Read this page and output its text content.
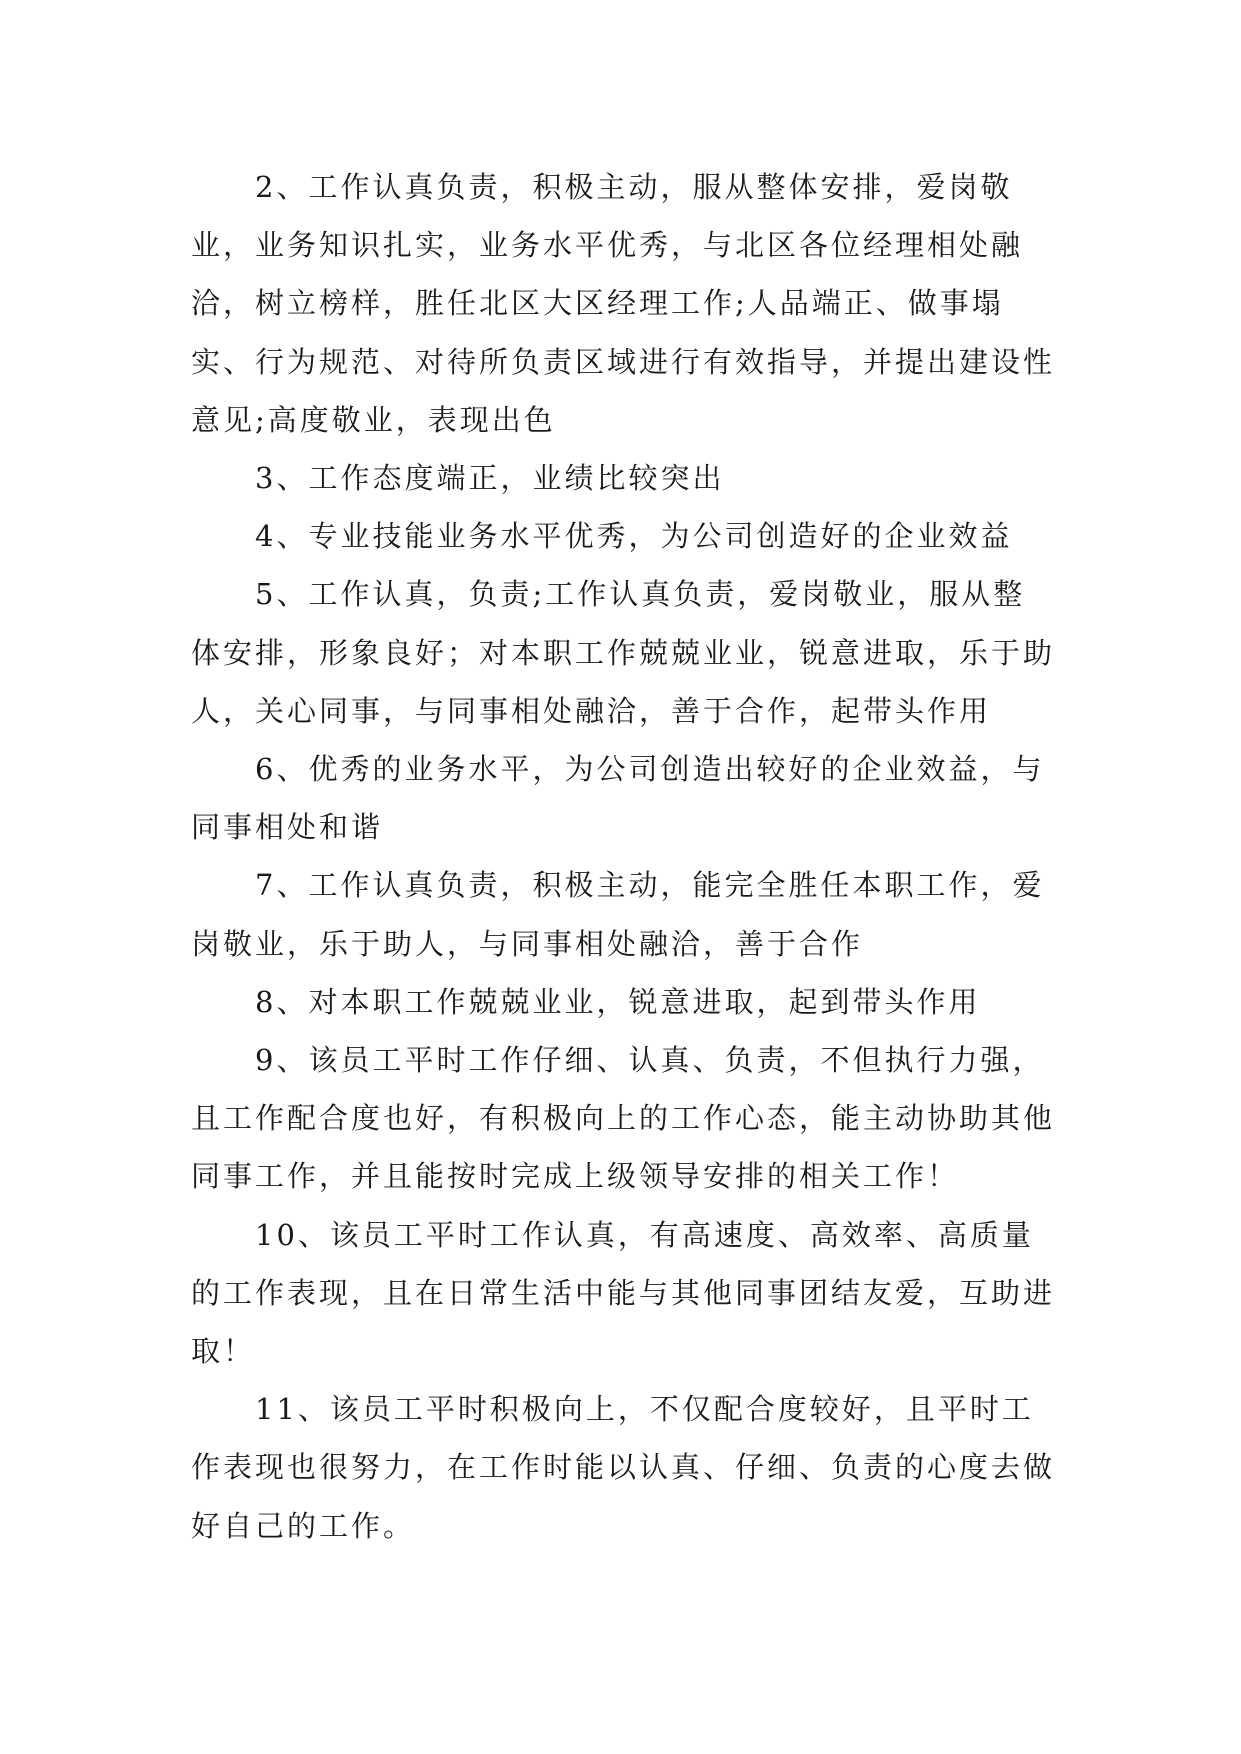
2、工作认真负责，积极主动，服从整体安排，爱岗敬业，业务知识扎实，业务水平优秀，与北区各位经理相处融洽，树立榜样，胜任北区大区经理工作;人品端正、做事塌实、行为规范、对待所负责区域进行有效指导，并提出建设性意见;高度敬业，表现出色

3、工作态度端正，业绩比较突出

4、专业技能业务水平优秀，为公司创造好的企业效益

5、工作认真，负责;工作认真负责，爱岗敬业，服从整体安排，形象良好；对本职工作兢兢业业，锐意进取，乐于助人，关心同事，与同事相处融洽，善于合作，起带头作用

6、优秀的业务水平，为公司创造出较好的企业效益，与同事相处和谐

7、工作认真负责，积极主动，能完全胜任本职工作，爱岗敬业，乐于助人，与同事相处融洽，善于合作

8、对本职工作兢兢业业，锐意进取，起到带头作用

9、该员工平时工作仔细、认真、负责，不但执行力强，且工作配合度也好，有积极向上的工作心态，能主动协助其他同事工作，并且能按时完成上级领导安排的相关工作！

10、该员工平时工作认真，有高速度、高效率、高质量的工作表现，且在日常生活中能与其他同事团结友爱，互助进取！

11、该员工平时积极向上，不仅配合度较好，且平时工作表现也很努力，在工作时能以认真、仔细、负责的心度去做好自己的工作。
